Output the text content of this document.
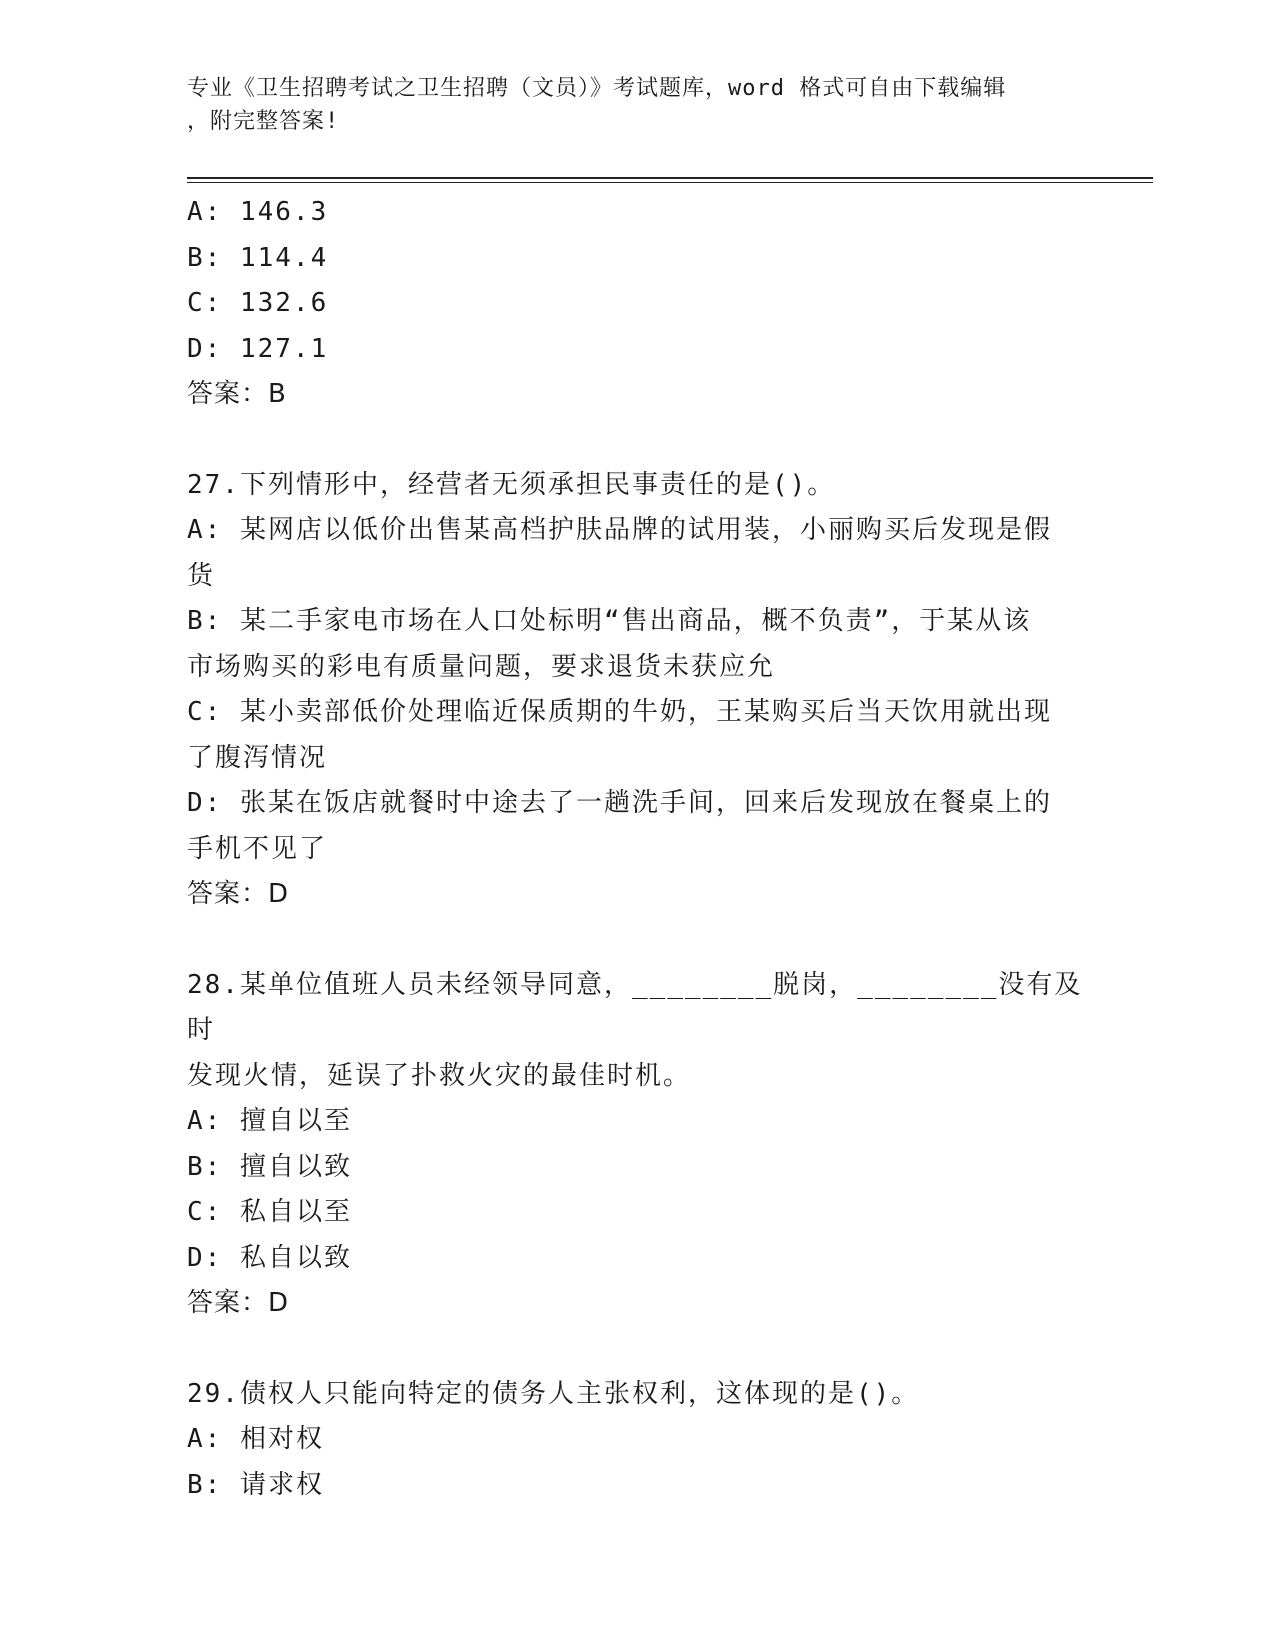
专业《卫生招聘考试之卫生招聘（文员）》考试题库，word 格式可自由下载编辑
，附完整答案!
A: 146.3
B: 114.4
C: 132.6
D: 127.1
答案：B
27.下列情形中，经营者无须承担民事责任的是()。
A: 某网店以低价出售某高档护肤品牌的试用装，小丽购买后发现是假
货
B: 某二手家电市场在人口处标明“售出商品，概不负责”，于某从该
市场购买的彩电有质量问题，要求退货未获应允
C: 某小卖部低价处理临近保质期的牛奶，王某购买后当天饮用就出现
了腹泻情况
D: 张某在饭店就餐时中途去了一趟洗手间，回来后发现放在餐桌上的
手机不见了
答案：D
28.某单位值班人员未经领导同意，________脱岗，________没有及时
发现火情，延误了扑救火灾的最佳时机。
A: 擅自以至
B: 擅自以致
C: 私自以至
D: 私自以致
答案：D
29.债权人只能向特定的债务人主张权利，这体现的是()。
A: 相对权
B: 请求权
